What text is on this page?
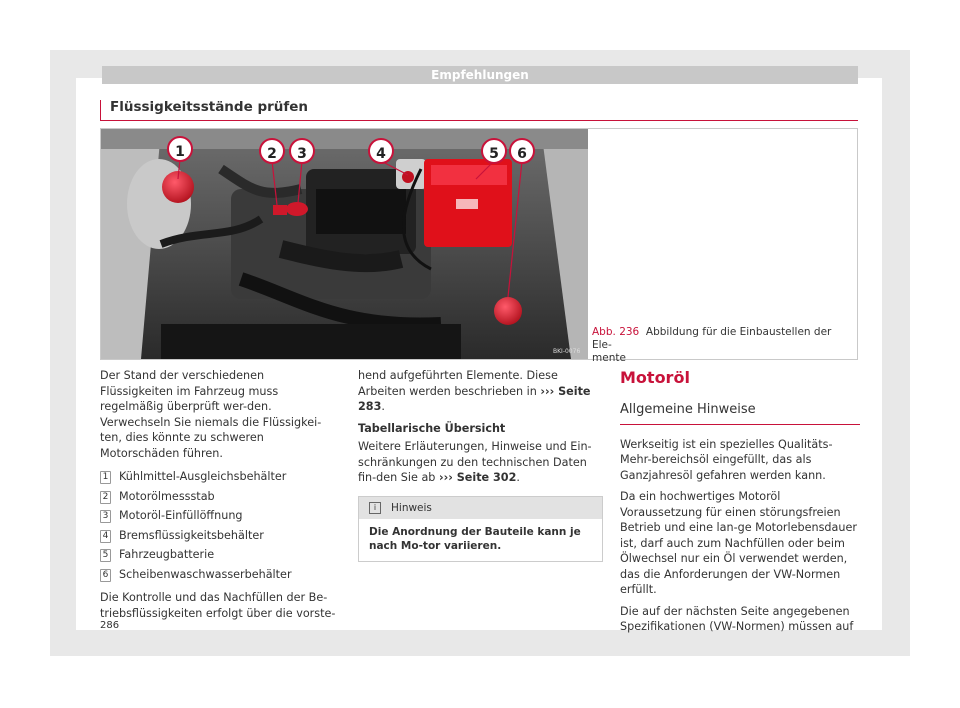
Empfehlungen
Flüssigkeitsstände prüfen
BKI-0076
1	2 3	4	5 6
Abb. 236 Abbildung für die Einbaustellen der Ele-
mente

Der Stand der verschiedenen Flüssigkeiten im Fahrzeug muss regelmäßig überprüft wer-den. Verwechseln Sie niemals die Flüssigkei-ten, dies könnte zu schweren Motorschäden führen.

1 Kühlmittel-Ausgleichsbehälter
2 Motorölmessstab
3 Motoröl-Einfüllöffnung
4 Bremsflüssigkeitsbehälter
5 Fahrzeugbatterie
6 Scheibenwaschwasserbehälter

Die Kontrolle und das Nachfüllen der Be-triebsflüssigkeiten erfolgt über die vorste-

hend aufgeführten Elemente. Diese Arbeiten werden beschrieben in ››› Seite 283.

Tabellarische Übersicht

Weitere Erläuterungen, Hinweise und Ein-schränkungen zu den technischen Daten fin-den Sie ab ››› Seite 302.

i Hinweis
Die Anordnung der Bauteile kann je nach Mo-tor variieren.
Motoröl
Allgemeine Hinweise

Werkseitig ist ein spezielles Qualitäts-Mehr-bereichsöl eingefüllt, das als Ganzjahresöl gefahren werden kann.

Da ein hochwertiges Motoröl Voraussetzung für einen störungsfreien Betrieb und eine lan-ge Motorlebensdauer ist, darf auch zum Nachfüllen oder beim Ölwechsel nur ein Öl verwendet werden, das die Anforderungen der VW-Normen erfüllt.

Die auf der nächsten Seite angegebenen Spezifikationen (VW-Normen) müssen auf

286
